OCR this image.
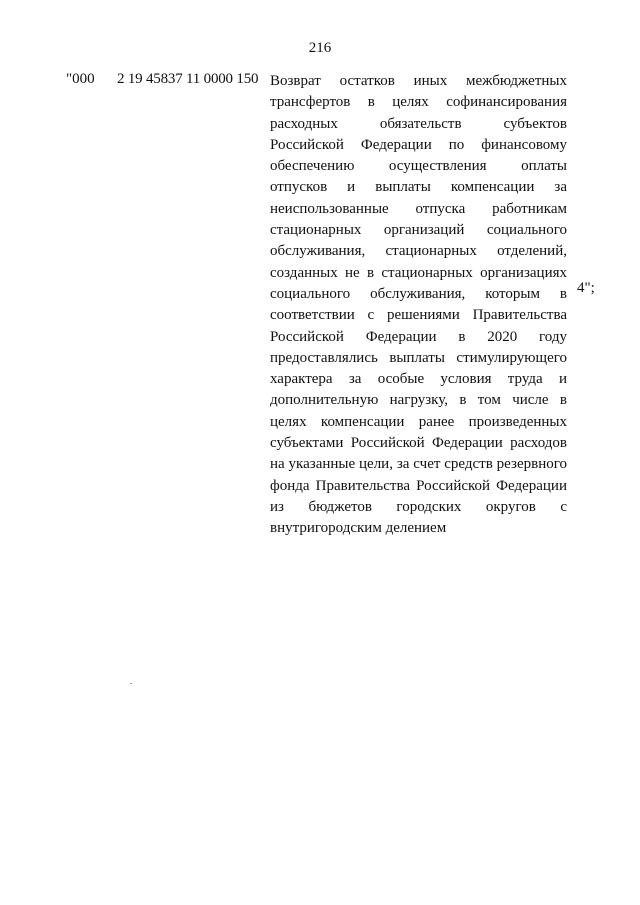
216
"000 2 19 45837 11 0000 150 Возврат остатков иных межбюджетных
трансфертов в целях софинансирования
расходных обязательств субъектов
Российской Федерации по финансовому
обеспечению осуществления оплаты
отпусков и выплаты компенсации за
неиспользованные отпуска работникам
стационарных организаций социального
обслуживания, стационарных отделений,
созданных не в стационарных организациях
социального обслуживания, которым в
соответствии с решениями Правительства
Российской Федерации в 2020 году
предоставлялись выплаты стимулирующего
характера за особые условия труда и
дополнительную нагрузку, в том числе в
целях компенсации ранее произведенных
субъектами Российской Федерации расходов
на указанные цели, за счет средств резервного
фонда Правительства Российской Федерации
из бюджетов городских округов с
внутригородским делением
4";
